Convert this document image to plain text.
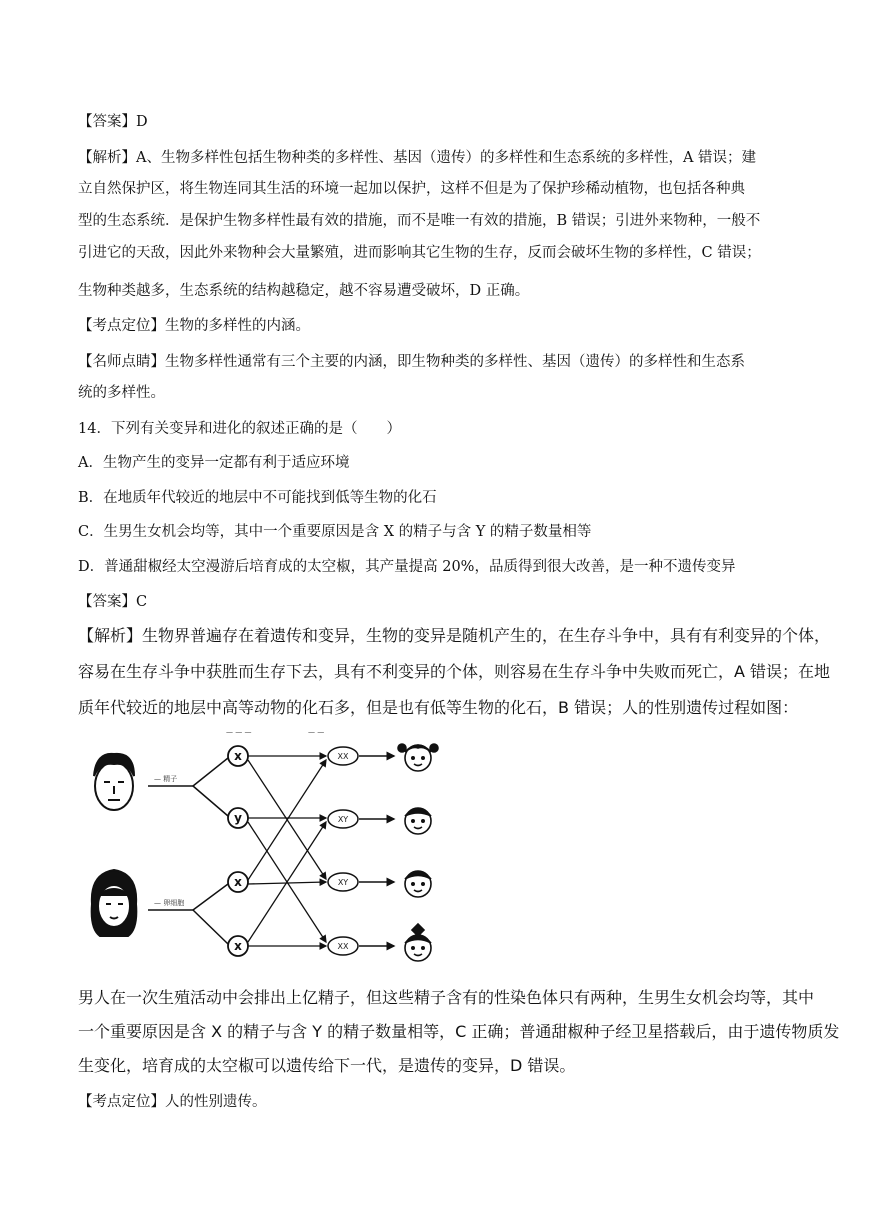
【答案】D
【解析】A、生物多样性包括生物种类的多样性、基因（遗传）的多样性和生态系统的多样性，A 错误；建
立自然保护区，将生物连同其生活的环境一起加以保护，这样不但是为了保护珍稀动植物，也包括各种典
型的生态系统．是保护生物多样性最有效的措施，而不是唯一有效的措施，B 错误；引进外来物种，一般不
引进它的天敌，因此外来物种会大量繁殖，进而影响其它生物的生存，反而会破坏生物的多样性，C 错误；
生物种类越多，生态系统的结构越稳定，越不容易遭受破坏，D 正确。
【考点定位】生物的多样性的内涵。
【名师点睛】生物多样性通常有三个主要的内涵，即生物种类的多样性、基因（遗传）的多样性和生态系
统的多样性。
14．下列有关变异和进化的叙述正确的是（　　）
A．生物产生的变异一定都有利于适应环境
B．在地质年代较近的地层中不可能找到低等生物的化石
C．生男生女机会均等，其中一个重要原因是含 X 的精子与含 Y 的精子数量相等
D．普通甜椒经太空漫游后培育成的太空椒，其产量提高 20%，品质得到很大改善，是一种不遗传变异
【答案】C
【解析】生物界普遍存在着遗传和变异，生物的变异是随机产生的，在生存斗争中，具有有利变异的个体，
容易在生存斗争中获胜而生存下去，具有不利变异的个体，则容易在生存斗争中失败而死亡，A 错误；在地
质年代较近的地层中高等动物的化石多，但是也有低等生物的化石，B 错误；人的性别遗传过程如图：
— — —	— —
— 精子
— 卵细胞
x
y
x
x
XX
XY
XY
XX
男人在一次生殖活动中会排出上亿精子，但这些精子含有的性染色体只有两种，生男生女机会均等，其中
一个重要原因是含 X 的精子与含 Y 的精子数量相等，C 正确；普通甜椒种子经卫星搭载后，由于遗传物质发
生变化，培育成的太空椒可以遗传给下一代，是遗传的变异，D 错误。
【考点定位】人的性别遗传。
